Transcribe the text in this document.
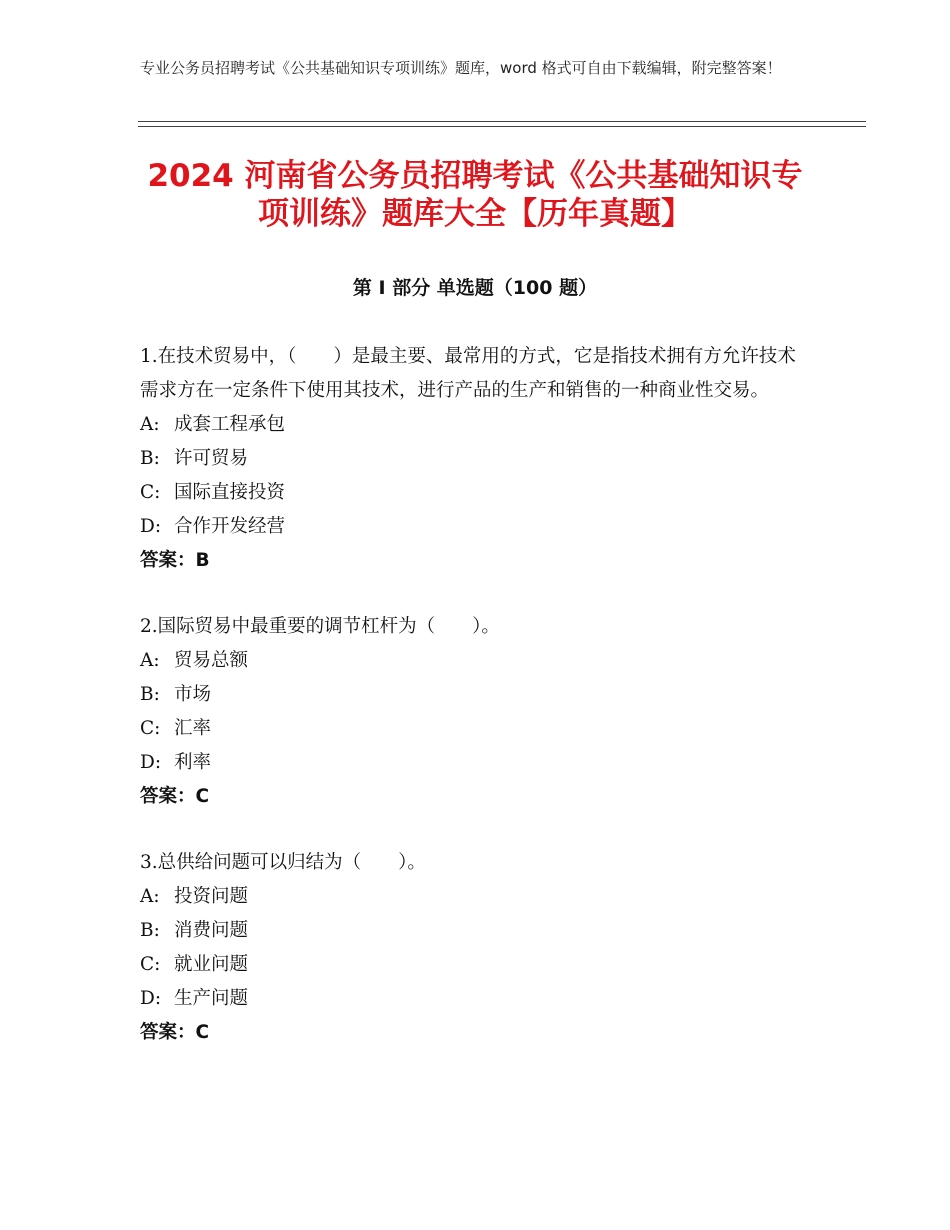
专业公务员招聘考试《公共基础知识专项训练》题库，word 格式可自由下载编辑，附完整答案！
2024 河南省公务员招聘考试《公共基础知识专项训练》题库大全【历年真题】
第 I 部分 单选题（100 题）
1.在技术贸易中，（　　）是最主要、最常用的方式，它是指技术拥有方允许技术需求方在一定条件下使用其技术，进行产品的生产和销售的一种商业性交易。
A: 成套工程承包
B: 许可贸易
C: 国际直接投资
D: 合作开发经营
答案：B
2.国际贸易中最重要的调节杠杆为（　　）。
A: 贸易总额
B: 市场
C: 汇率
D: 利率
答案：C
3.总供给问题可以归结为（　　）。
A: 投资问题
B: 消费问题
C: 就业问题
D: 生产问题
答案：C
